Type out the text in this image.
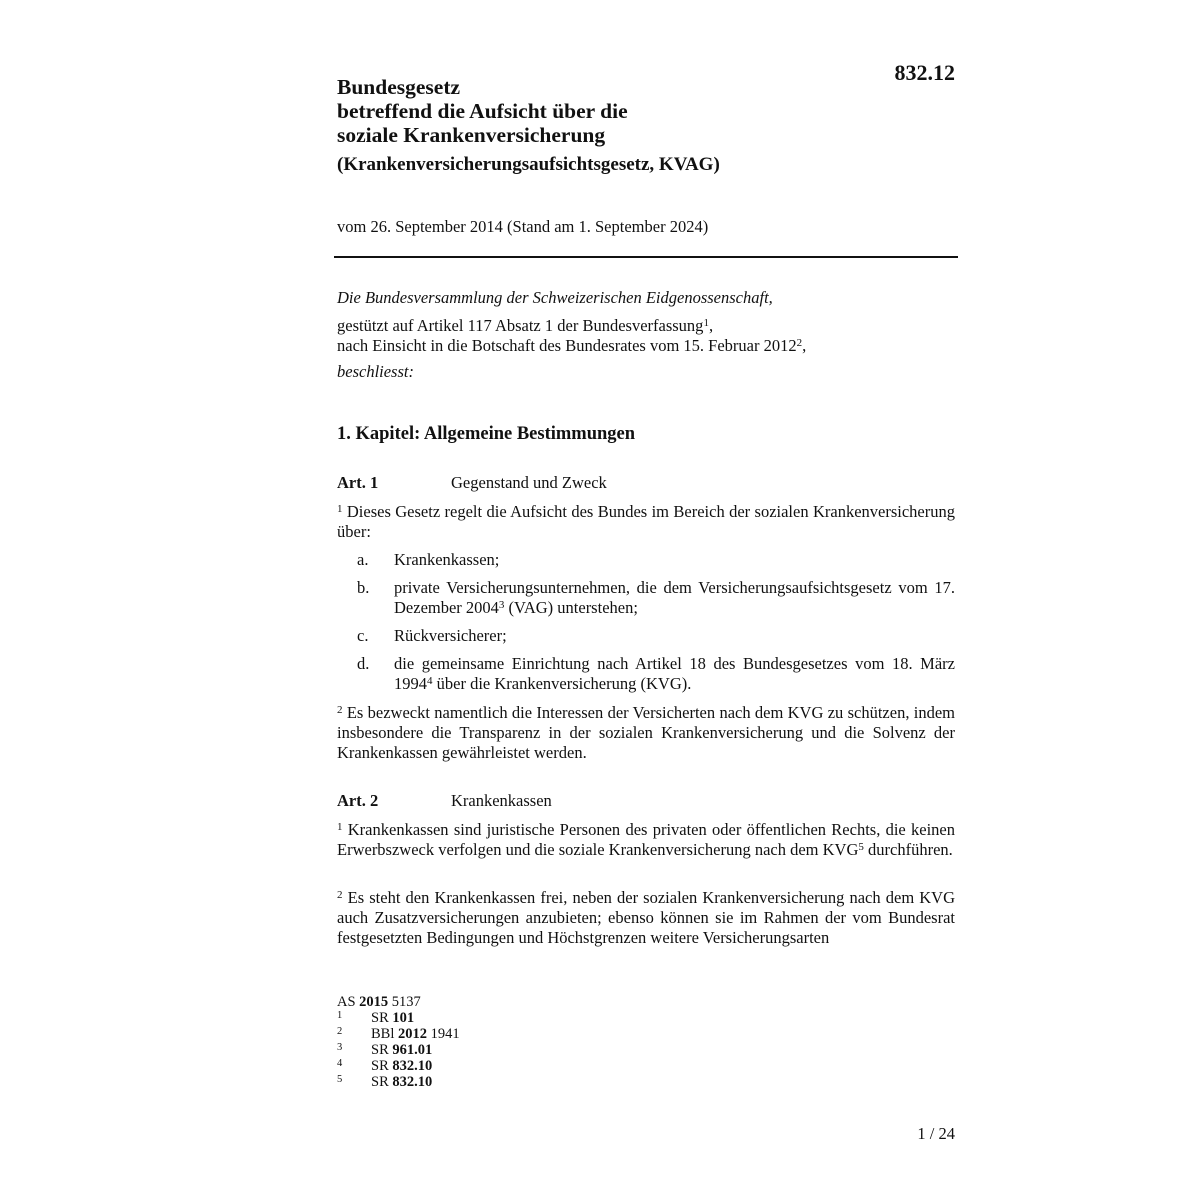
832.12
Bundesgesetz
betreffend die Aufsicht über die
soziale Krankenversicherung
(Krankenversicherungsaufsichtsgesetz, KVAG)
vom 26. September 2014 (Stand am 1. September 2024)
Die Bundesversammlung der Schweizerischen Eidgenossenschaft,
gestützt auf Artikel 117 Absatz 1 der Bundesverfassung$^1$,
nach Einsicht in die Botschaft des Bundesrates vom 15. Februar 2012$^2$,
beschliesst:
1. Kapitel: Allgemeine Bestimmungen
Art. 1	Gegenstand und Zweck
$^1$ Dieses Gesetz regelt die Aufsicht des Bundes im Bereich der sozialen Krankenversicherung über:
a. Krankenkassen;
b. private Versicherungsunternehmen, die dem Versicherungsaufsichtsgesetz vom 17. Dezember 2004$^3$ (VAG) unterstehen;
c. Rückversicherer;
d. die gemeinsame Einrichtung nach Artikel 18 des Bundesgesetzes vom 18. März 1994$^4$ über die Krankenversicherung (KVG).
$^2$ Es bezweckt namentlich die Interessen der Versicherten nach dem KVG zu schützen, indem insbesondere die Transparenz in der sozialen Krankenversicherung und die Solvenz der Krankenkassen gewährleistet werden.
Art. 2	Krankenkassen
$^1$ Krankenkassen sind juristische Personen des privaten oder öffentlichen Rechts, die keinen Erwerbszweck verfolgen und die soziale Krankenversicherung nach dem KVG$^5$ durchführen.
$^2$ Es steht den Krankenkassen frei, neben der sozialen Krankenversicherung nach dem KVG auch Zusatzversicherungen anzubieten; ebenso können sie im Rahmen der vom Bundesrat festgesetzten Bedingungen und Höchstgrenzen weitere Versicherungsarten
AS 2015 5137
1 SR 101
2 BBl 2012 1941
3 SR 961.01
4 SR 832.10
5 SR 832.10
1 / 24
